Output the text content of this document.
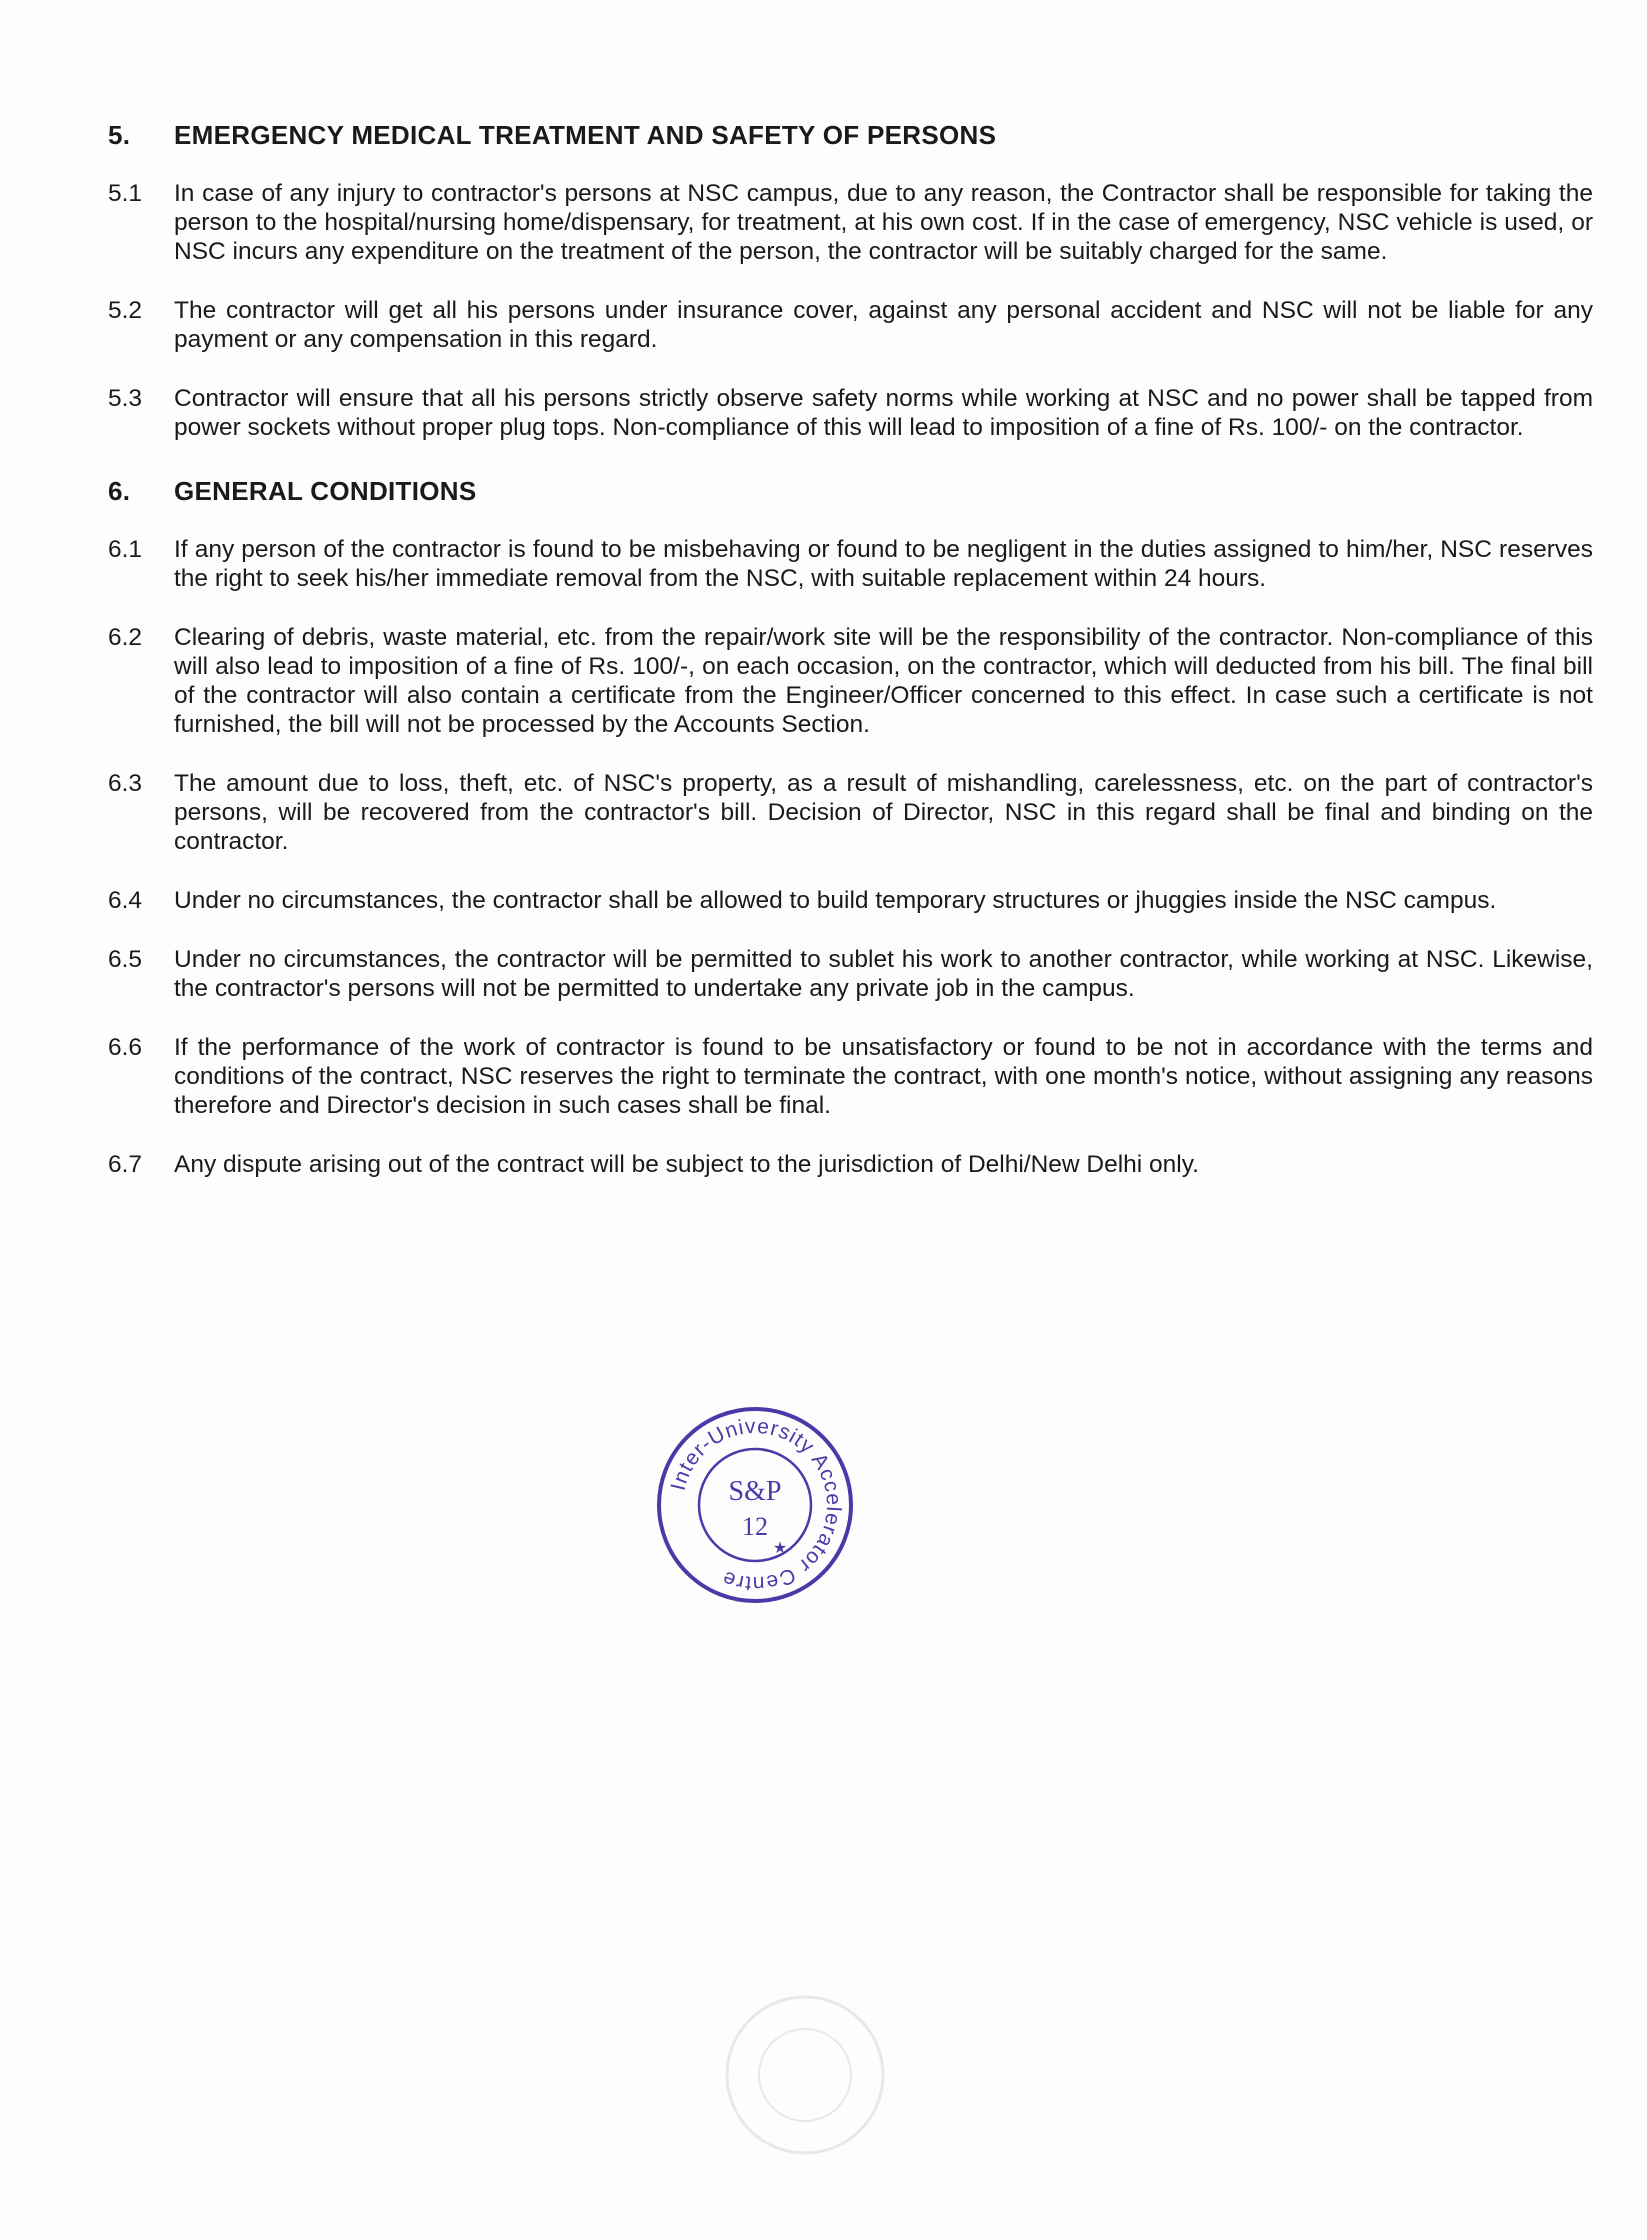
5.	EMERGENCY MEDICAL TREATMENT AND SAFETY OF PERSONS
5.1	In case of any injury to contractor's persons at NSC campus, due to any reason, the Contractor shall be responsible for taking the person to the hospital/nursing home/dispensary, for treatment, at his own cost. If in the case of emergency, NSC vehicle is used, or NSC incurs any expenditure on the treatment of the person, the contractor will be suitably charged for the same.
5.2	The contractor will get all his persons under insurance cover, against any personal accident and NSC will not be liable for any payment or any compensation in this regard.
5.3	Contractor will ensure that all his persons strictly observe safety norms while working at NSC and no power shall be tapped from power sockets without proper plug tops. Non-compliance of this will lead to imposition of a fine of Rs. 100/- on the contractor.
6.	GENERAL CONDITIONS
6.1	If any person of the contractor is found to be misbehaving or found to be negligent in the duties assigned to him/her, NSC reserves the right to seek his/her immediate removal from the NSC, with suitable replacement within 24 hours.
6.2	Clearing of debris, waste material, etc. from the repair/work site will be the responsibility of the contractor. Non-compliance of this will also lead to imposition of a fine of Rs. 100/-, on each occasion, on the contractor, which will deducted from his bill. The final bill of the contractor will also contain a certificate from the Engineer/Officer concerned to this effect. In case such a certificate is not furnished, the bill will not be processed by the Accounts Section.
6.3	The amount due to loss, theft, etc. of NSC's property, as a result of mishandling, carelessness, etc. on the part of contractor's persons, will be recovered from the contractor's bill. Decision of Director, NSC in this regard shall be final and binding on the contractor.
6.4	Under no circumstances, the contractor shall be allowed to build temporary structures or jhuggies inside the NSC campus.
6.5	Under no circumstances, the contractor will be permitted to sublet his work to another contractor, while working at NSC. Likewise, the contractor's persons will not be permitted to undertake any private job in the campus.
6.6	If the performance of the work of contractor is found to be unsatisfactory or found to be not in accordance with the terms and conditions of the contract, NSC reserves the right to terminate the contract, with one month's notice, without assigning any reasons therefore and Director's decision in such cases shall be final.
6.7	Any dispute arising out of the contract will be subject to the jurisdiction of Delhi/New Delhi only.
Inter-University Accelerator Centre
S&P
12
★
